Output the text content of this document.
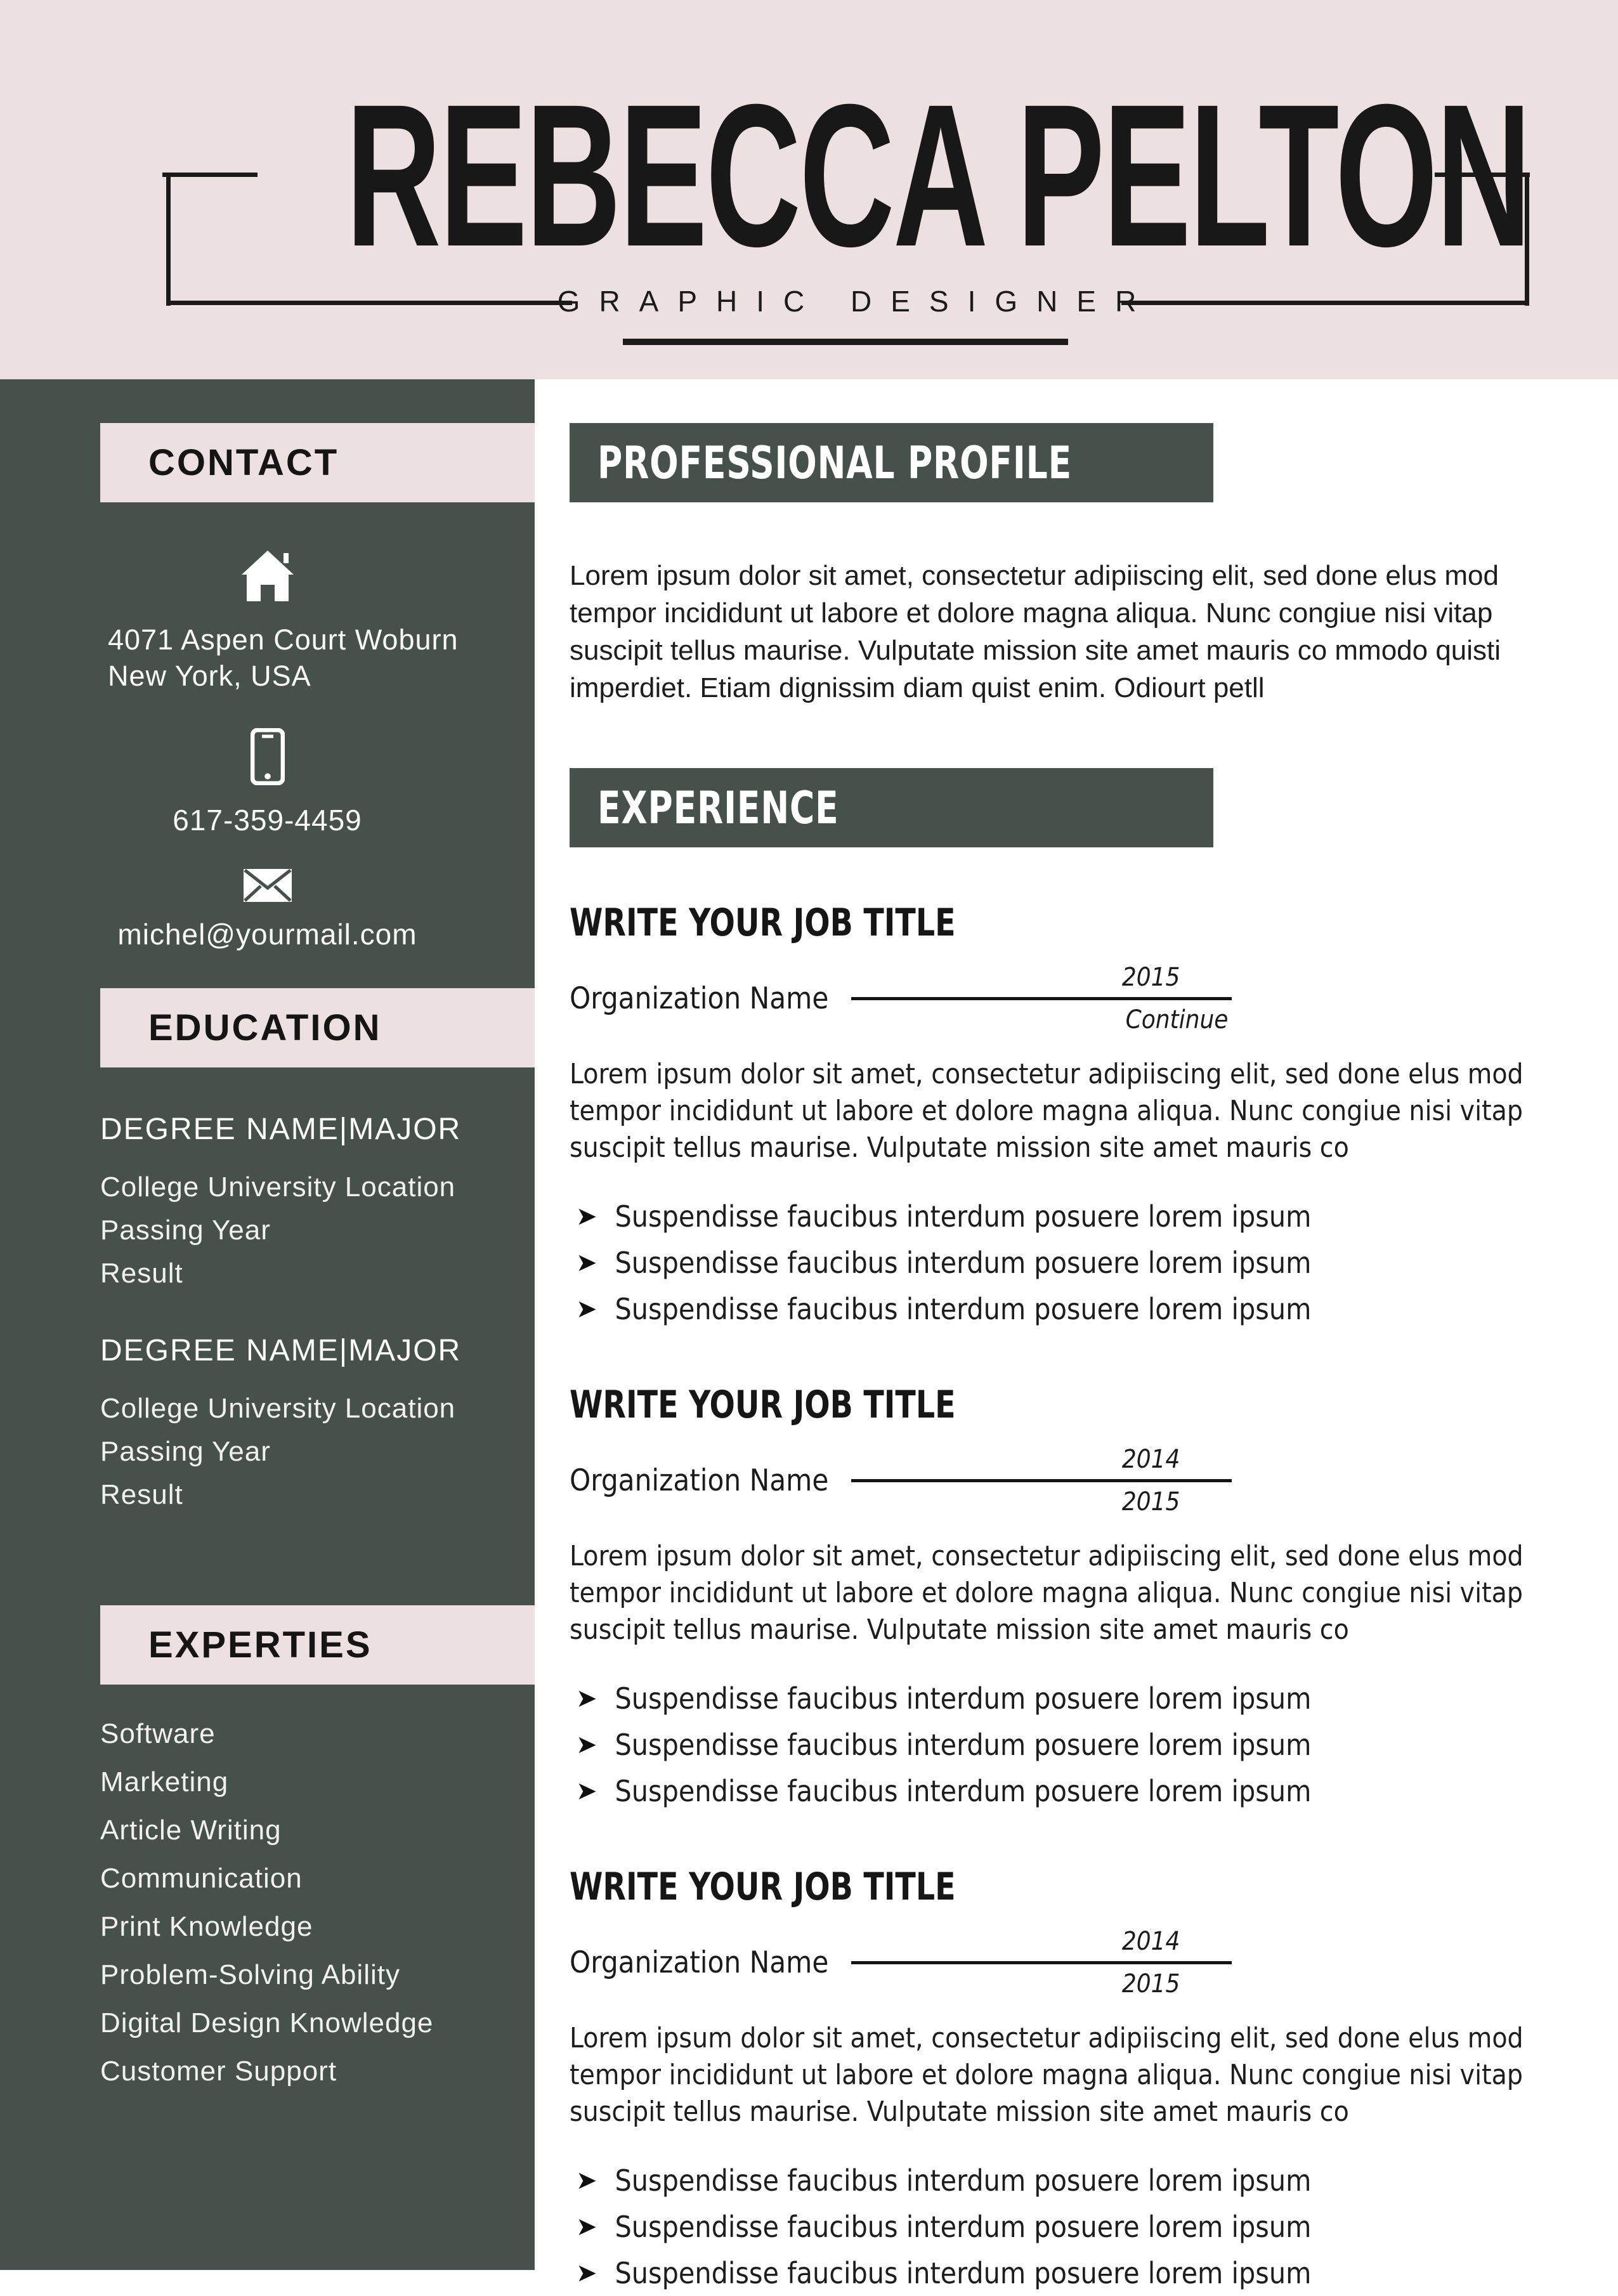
REBECCA PELTON
GRAPHIC DESIGNER
CONTACT
4071 Aspen Court Woburn
New York, USA
617-359-4459
michel@yourmail.com
EDUCATION
DEGREE NAME|MAJOR
College University Location
Passing Year
Result
DEGREE NAME|MAJOR
College University Location
Passing Year
Result
EXPERTIES
Software
Marketing
Article Writing
Communication
Print Knowledge
Problem-Solving Ability
Digital Design Knowledge
Customer Support
PROFESSIONAL PROFILE

Lorem ipsum dolor sit amet, consectetur adipiiscing elit, sed done elus mod tempor incididunt ut labore et dolore magna aliqua. Nunc congiue nisi vitap suscipit tellus maurise. Vulputate mission site amet mauris co mmodo quisti imperdiet. Etiam dignissim diam quist enim. Odiourt petll

EXPERIENCE
WRITE YOUR JOB TITLE
Organization Name
2015
Continue

Lorem ipsum dolor sit amet, consectetur adipiiscing elit, sed done elus mod tempor incididunt ut labore et dolore magna aliqua. Nunc congiue nisi vitap suscipit tellus maurise. Vulputate mission site amet mauris co

➤ Suspendisse faucibus interdum posuere lorem ipsum
➤ Suspendisse faucibus interdum posuere lorem ipsum
➤ Suspendisse faucibus interdum posuere lorem ipsum
WRITE YOUR JOB TITLE
Organization Name
2014
2015

Lorem ipsum dolor sit amet, consectetur adipiiscing elit, sed done elus mod tempor incididunt ut labore et dolore magna aliqua. Nunc congiue nisi vitap suscipit tellus maurise. Vulputate mission site amet mauris co

➤ Suspendisse faucibus interdum posuere lorem ipsum
➤ Suspendisse faucibus interdum posuere lorem ipsum
➤ Suspendisse faucibus interdum posuere lorem ipsum
WRITE YOUR JOB TITLE
Organization Name
2014
2015

Lorem ipsum dolor sit amet, consectetur adipiiscing elit, sed done elus mod tempor incididunt ut labore et dolore magna aliqua. Nunc congiue nisi vitap suscipit tellus maurise. Vulputate mission site amet mauris co

➤ Suspendisse faucibus interdum posuere lorem ipsum
➤ Suspendisse faucibus interdum posuere lorem ipsum
➤ Suspendisse faucibus interdum posuere lorem ipsum
